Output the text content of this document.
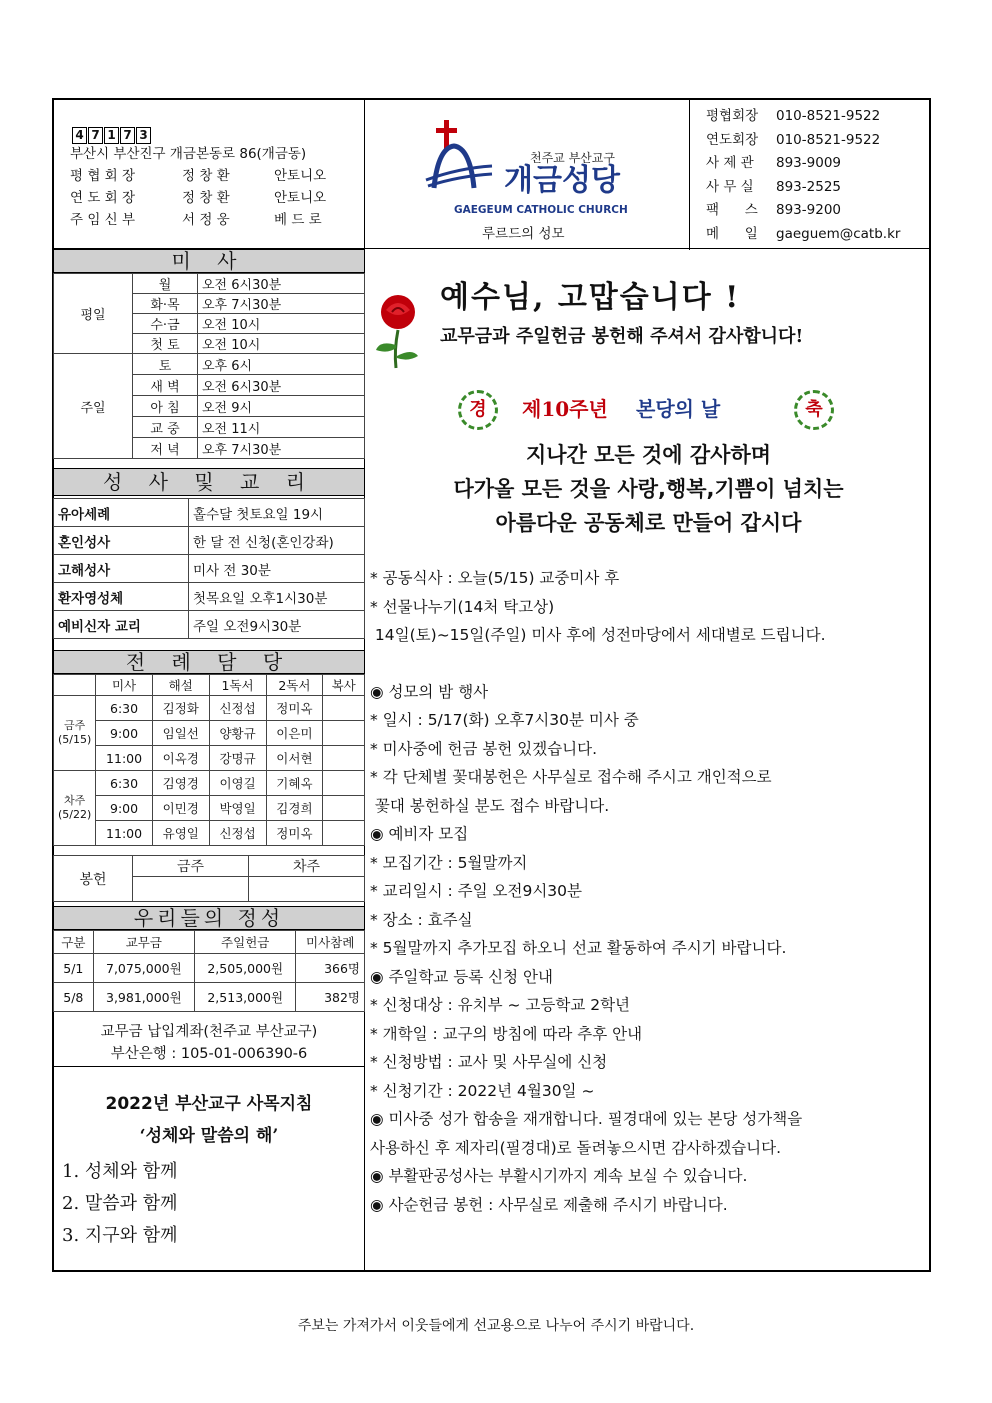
4 7 1 7 3
부산시 부산진구 개금본동로 86(개금동)
평 협 회 장	정 창 환	안토니오
연 도 회 장	정 창 환	안토니오
주 임 신 부	서 정 웅	베 드 로
천주교 부산교구
개금성당
GAEGEUM CATHOLIC CHURCH
루르드의 성모
평협회장 010-8521-9522
연도회장 010-8521-9522
사 제 관 893-9009
사 무 실 893-2525
팩      스 893-9200
메      일 gaeguem@catb.kr
미 사
평일	월	오전 6시30분
	화·목	오후 7시30분
	수·금	오전 10시
	첫 토	오전 10시
주일	토	오후 6시
	새 벽	오전 6시30분
	아 침	오전 9시
	교 중	오전 11시
	저 녁	오후 7시30분
성 사 및 교 리
유아세례	홀수달 첫토요일 19시
혼인성사	한 달 전 신청(혼인강좌)
고해성사	미사 전 30분
환자영성체	첫목요일 오후1시30분
예비신자 교리	주일 오전9시30분
전 례 담 당
	미사	해설	1독서	2독서	복사
금주(5/15)	6:30	김정화	신정섭	정미옥	
	9:00	임일선	양황규	이은미	
	11:00	이옥경	강명규	이서현	
차주(5/22)	6:30	김영경	이영길	기혜옥	
	9:00	이민경	박영일	김경희	
	11:00	유영일	신정섭	정미옥	
봉헌	금주	차주

우리들의 정성
구분	교무금	주일헌금	미사참례
5/1	7,075,000원	2,505,000원	366명
5/8	3,981,000원	2,513,000원	382명
교무금 납입계좌(천주교 부산교구)
부산은행 : 105-01-006390-6
2022년 부산교구 사목지침
‘성체와 말씀의 해’
1. 성체와 함께
2. 말씀과 함께
3. 지구와 함께
예수님, 고맙습니다 !
교무금과 주일헌금 봉헌해 주셔서 감사합니다!
경	제10주년 본당의 날	축
지나간 모든 것에 감사하며
다가올 모든 것을 사랑,행복,기쁨이 넘치는
아름다운 공동체로 만들어 갑시다
* 공동식사 : 오늘(5/15) 교중미사 후
* 선물나누기(14처 탁고상)
14일(토)~15일(주일) 미사 후에 성전마당에서 세대별로 드립니다.
◉ 성모의 밤 행사
* 일시 : 5/17(화) 오후7시30분 미사 중
* 미사중에 헌금 봉헌 있겠습니다.
* 각 단체별 꽃대봉헌은 사무실로 접수해 주시고 개인적으로
꽃대 봉헌하실 분도 접수 바랍니다.
◉ 예비자 모집
* 모집기간 : 5월말까지
* 교리일시 : 주일 오전9시30분
* 장소 : 효주실
* 5월말까지 추가모집 하오니 선교 활동하여 주시기 바랍니다.
◉ 주일학교 등록 신청 안내
* 신청대상 : 유치부 ~ 고등학교 2학년
* 개학일 : 교구의 방침에 따라 추후 안내
* 신청방법 : 교사 및 사무실에 신청
* 신청기간 : 2022년 4월30일 ~
◉ 미사중 성가 합송을 재개합니다. 필경대에 있는 본당 성가책을
사용하신 후 제자리(필경대)로 돌려놓으시면 감사하겠습니다.
◉ 부활판공성사는 부활시기까지 계속 보실 수 있습니다.
◉ 사순헌금 봉헌 : 사무실로 제출해 주시기 바랍니다.
주보는 가져가서 이웃들에게 선교용으로 나누어 주시기 바랍니다.
